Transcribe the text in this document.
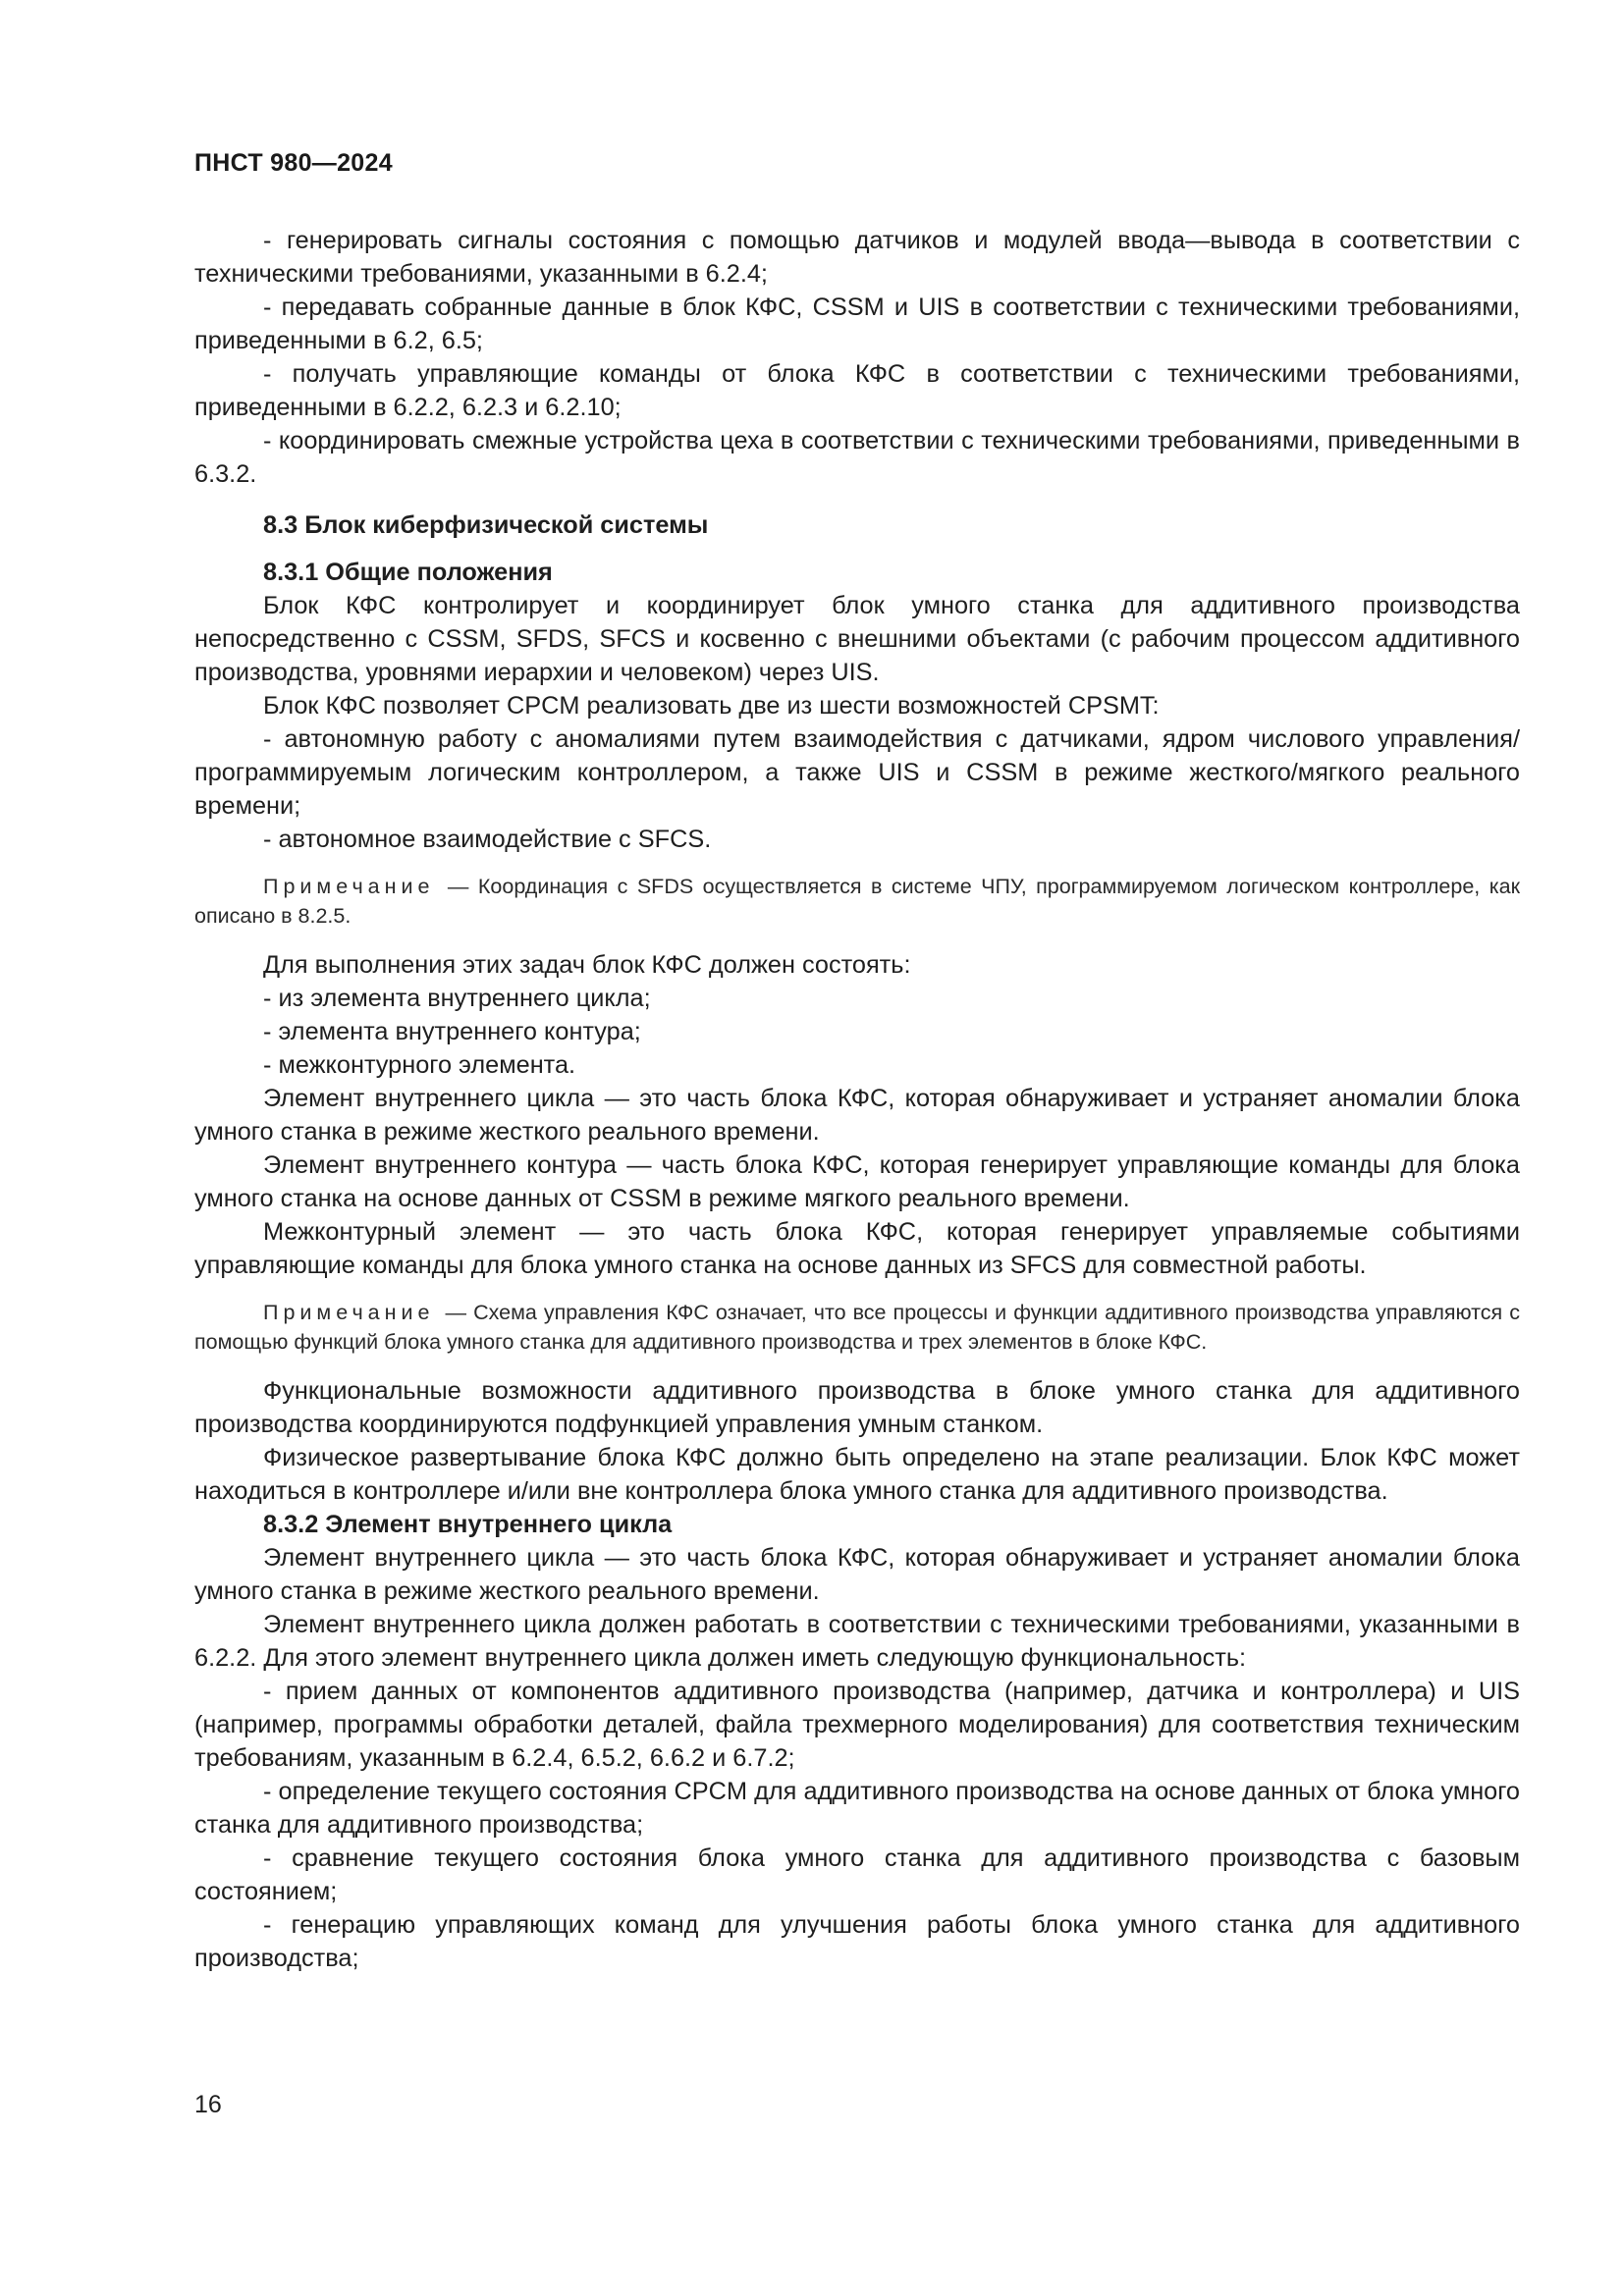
ПНСТ 980—2024

- генерировать сигналы состояния с помощью датчиков и модулей ввода—вывода в соответствии с техническими требованиями, указанными в 6.2.4;

- передавать собранные данные в блок КФС, CSSM и UIS в соответствии с техническими требованиями, приведенными в 6.2, 6.5;

- получать управляющие команды от блока КФС в соответствии с техническими требованиями, приведенными в 6.2.2, 6.2.3 и 6.2.10;

- координировать смежные устройства цеха в соответствии с техническими требованиями, приведенными в 6.3.2.

8.3 Блок киберфизической системы

8.3.1 Общие положения

Блок КФС контролирует и координирует блок умного станка для аддитивного производства непосредственно с CSSM, SFDS, SFCS и косвенно с внешними объектами (с рабочим процессом аддитивного производства, уровнями иерархии и человеком) через UIS.

Блок КФС позволяет CPCM реализовать две из шести возможностей CPSMT:

- автономную работу с аномалиями путем взаимодействия с датчиками, ядром числового управления/программируемым логическим контроллером, а также UIS и CSSM в режиме жесткого/мягкого реального времени;

- автономное взаимодействие с SFCS.

Примечание — Координация с SFDS осуществляется в системе ЧПУ, программируемом логическом контроллере, как описано в 8.2.5.

Для выполнения этих задач блок КФС должен состоять:

- из элемента внутреннего цикла;

- элемента внутреннего контура;

- межконтурного элемента.

Элемент внутреннего цикла — это часть блока КФС, которая обнаруживает и устраняет аномалии блока умного станка в режиме жесткого реального времени.

Элемент внутреннего контура — часть блока КФС, которая генерирует управляющие команды для блока умного станка на основе данных от CSSM в режиме мягкого реального времени.

Межконтурный элемент — это часть блока КФС, которая генерирует управляемые событиями управляющие команды для блока умного станка на основе данных из SFCS для совместной работы.

Примечание — Схема управления КФС означает, что все процессы и функции аддитивного производства управляются с помощью функций блока умного станка для аддитивного производства и трех элементов в блоке КФС.

Функциональные возможности аддитивного производства в блоке умного станка для аддитивного производства координируются подфункцией управления умным станком.

Физическое развертывание блока КФС должно быть определено на этапе реализации. Блок КФС может находиться в контроллере и/или вне контроллера блока умного станка для аддитивного производства.

8.3.2 Элемент внутреннего цикла

Элемент внутреннего цикла — это часть блока КФС, которая обнаруживает и устраняет аномалии блока умного станка в режиме жесткого реального времени.

Элемент внутреннего цикла должен работать в соответствии с техническими требованиями, указанными в 6.2.2. Для этого элемент внутреннего цикла должен иметь следующую функциональность:

- прием данных от компонентов аддитивного производства (например, датчика и контроллера) и UIS (например, программы обработки деталей, файла трехмерного моделирования) для соответствия техническим требованиям, указанным в 6.2.4, 6.5.2, 6.6.2 и 6.7.2;

- определение текущего состояния CPCM для аддитивного производства на основе данных от блока умного станка для аддитивного производства;

- сравнение текущего состояния блока умного станка для аддитивного производства с базовым состоянием;

- генерацию управляющих команд для улучшения работы блока умного станка для аддитивного производства;

16
